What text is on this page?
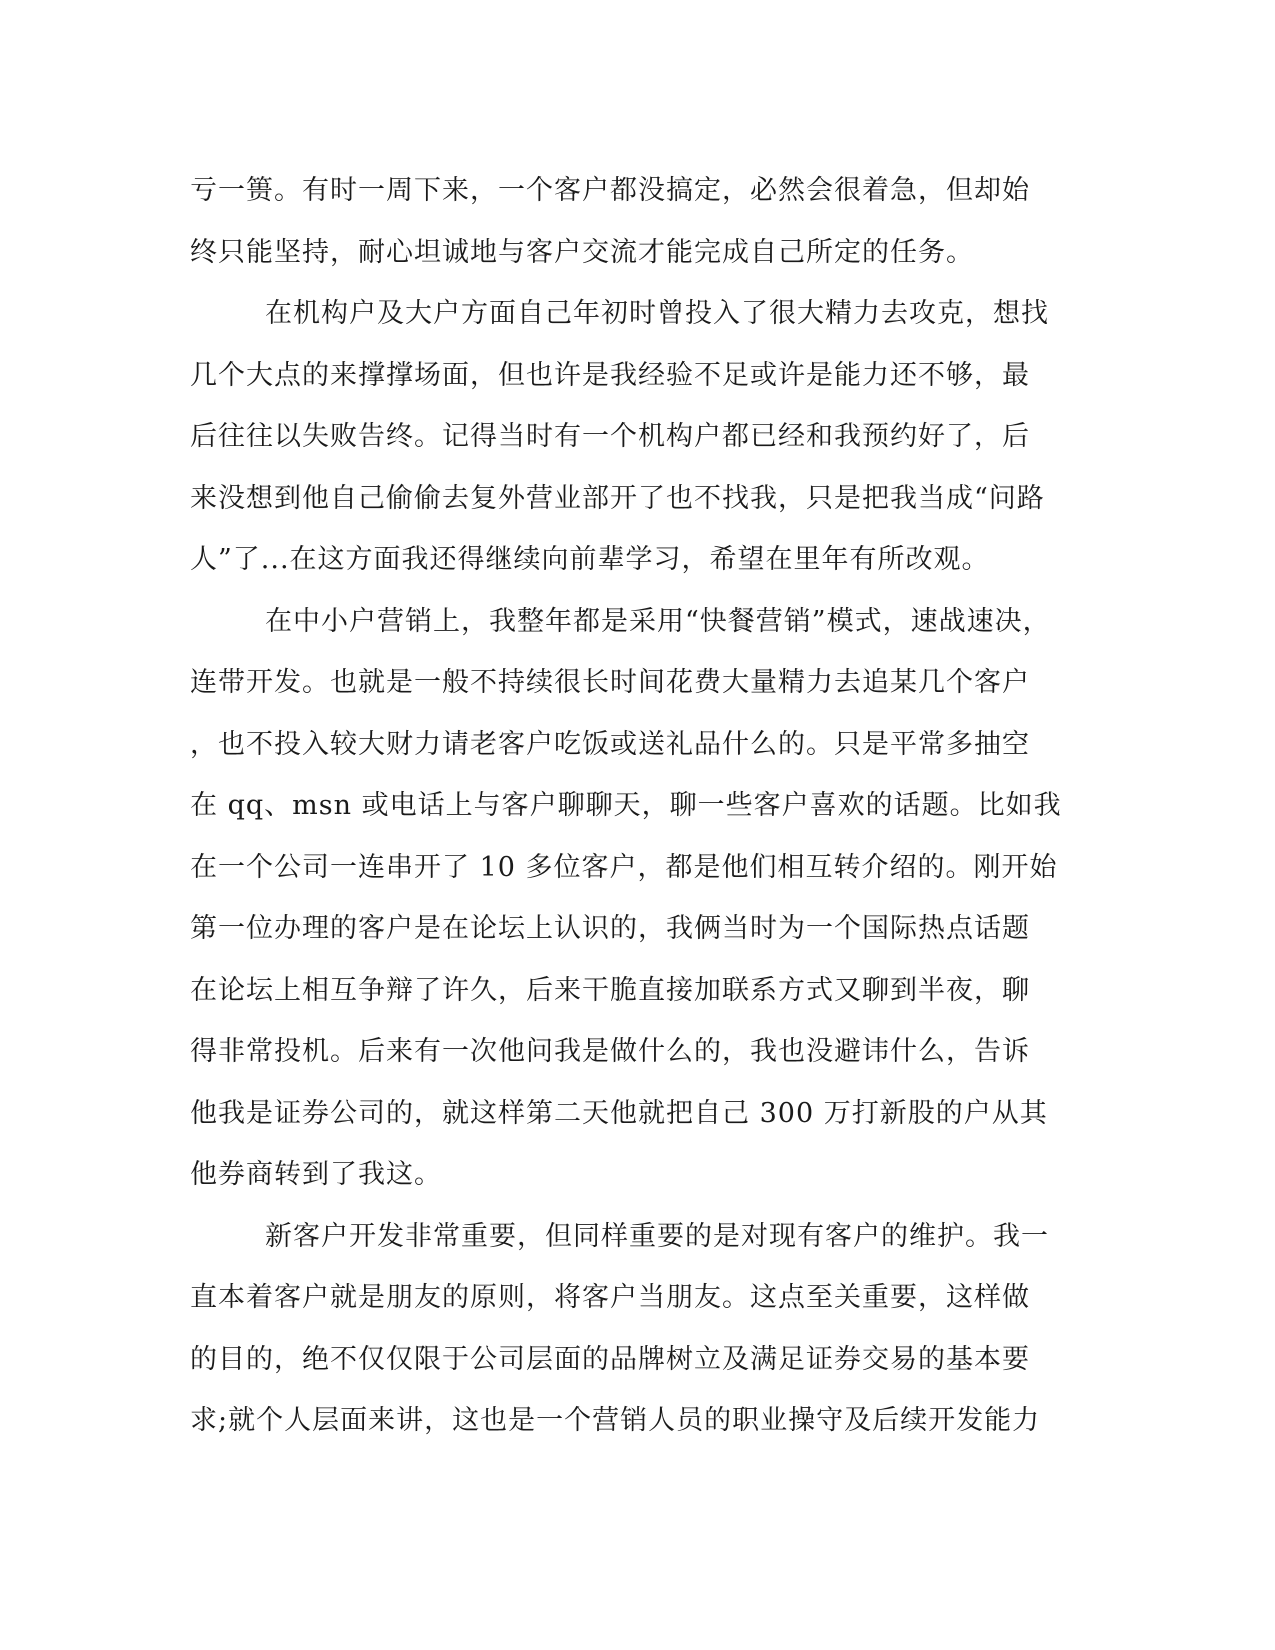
亏一篑。有时一周下来，一个客户都没搞定，必然会很着急，但却始
终只能坚持，耐心坦诚地与客户交流才能完成自己所定的任务。
在机构户及大户方面自己年初时曾投入了很大精力去攻克，想找
几个大点的来撑撑场面，但也许是我经验不足或许是能力还不够，最
后往往以失败告终。记得当时有一个机构户都已经和我预约好了，后
来没想到他自己偷偷去复外营业部开了也不找我，只是把我当成“问路
人”了...在这方面我还得继续向前辈学习，希望在里年有所改观。
在中小户营销上，我整年都是采用“快餐营销”模式，速战速决，
连带开发。也就是一般不持续很长时间花费大量精力去追某几个客户
，也不投入较大财力请老客户吃饭或送礼品什么的。只是平常多抽空
在 qq、msn 或电话上与客户聊聊天，聊一些客户喜欢的话题。比如我
在一个公司一连串开了 10 多位客户，都是他们相互转介绍的。刚开始
第一位办理的客户是在论坛上认识的，我俩当时为一个国际热点话题
在论坛上相互争辩了许久，后来干脆直接加联系方式又聊到半夜，聊
得非常投机。后来有一次他问我是做什么的，我也没避讳什么，告诉
他我是证券公司的，就这样第二天他就把自己 300 万打新股的户从其
他券商转到了我这。
新客户开发非常重要，但同样重要的是对现有客户的维护。我一
直本着客户就是朋友的原则，将客户当朋友。这点至关重要，这样做
的目的，绝不仅仅限于公司层面的品牌树立及满足证券交易的基本要
求;就个人层面来讲，这也是一个营销人员的职业操守及后续开发能力
